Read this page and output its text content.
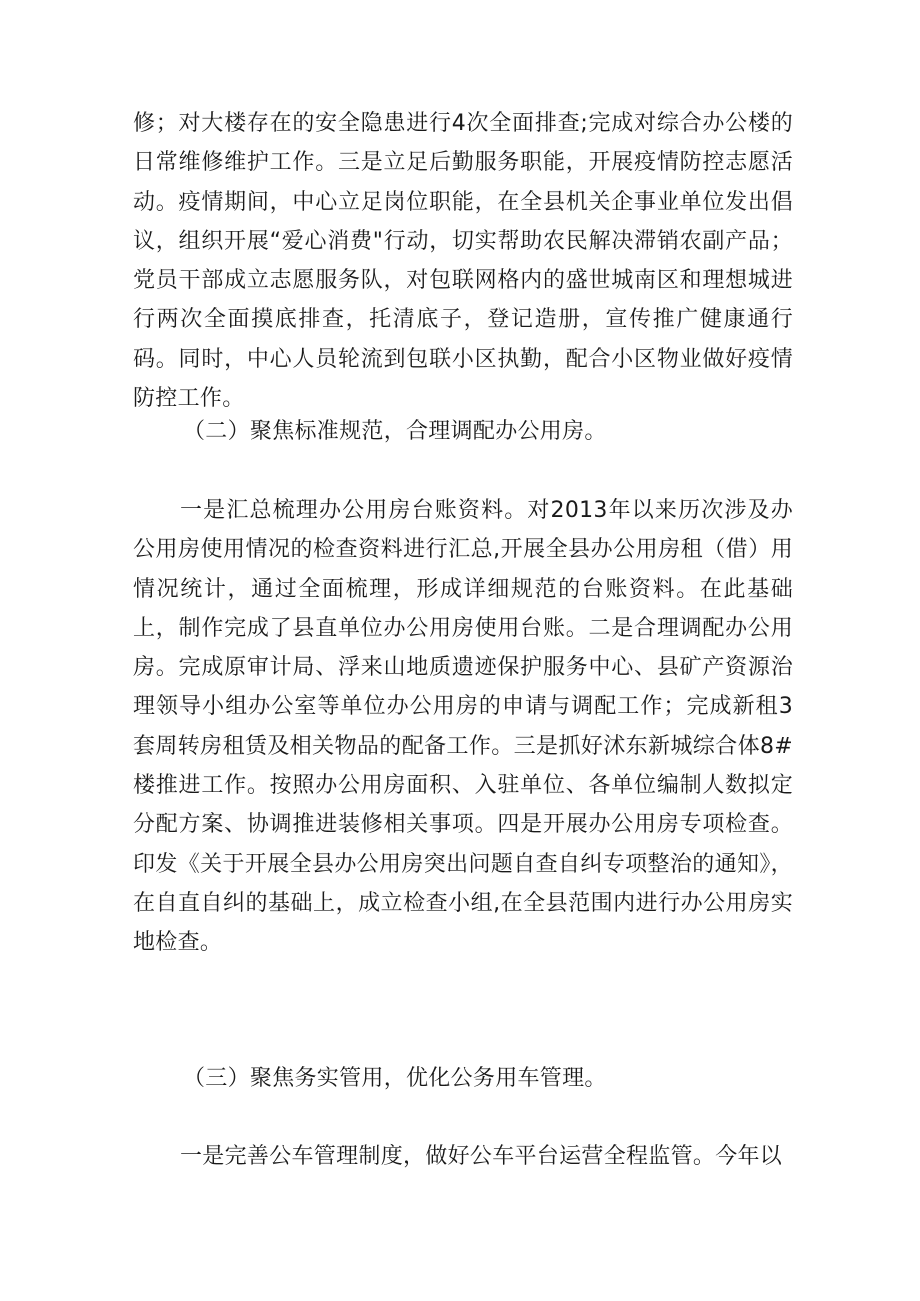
修；对大楼存在的安全隐患进行4次全面排查;完成对综合办公楼的日常维修维护工作。三是立足后勤服务职能，开展疫情防控志愿活动。疫情期间，中心立足岗位职能，在全县机关企事业单位发出倡议，组织开展“爱心消费"行动，切实帮助农民解决滞销农副产品；党员干部成立志愿服务队，对包联网格内的盛世城南区和理想城进行两次全面摸底排查，托清底子，登记造册，宣传推广健康通行码。同时，中心人员轮流到包联小区执勤，配合小区物业做好疫情防控工作。

（二）聚焦标准规范，合理调配办公用房。

一是汇总梳理办公用房台账资料。对2013年以来历次涉及办公用房使用情况的检查资料进行汇总,开展全县办公用房租（借）用情况统计，通过全面梳理，形成详细规范的台账资料。在此基础上，制作完成了县直单位办公用房使用台账。二是合理调配办公用房。完成原审计局、浮来山地质遗迹保护服务中心、县矿产资源治理领导小组办公室等单位办公用房的申请与调配工作；完成新租3套周转房租赁及相关物品的配备工作。三是抓好沭东新城综合体8#楼推进工作。按照办公用房面积、入驻单位、各单位编制人数拟定分配方案、协调推进装修相关事项。四是开展办公用房专项检查。印发《关于开展全县办公用房突出问题自查自纠专项整治的通知》，在自直自纠的基础上，成立检查小组,在全县范围内进行办公用房实地检查。

（三）聚焦务实管用，优化公务用车管理。

一是完善公车管理制度，做好公车平台运营全程监管。今年以
